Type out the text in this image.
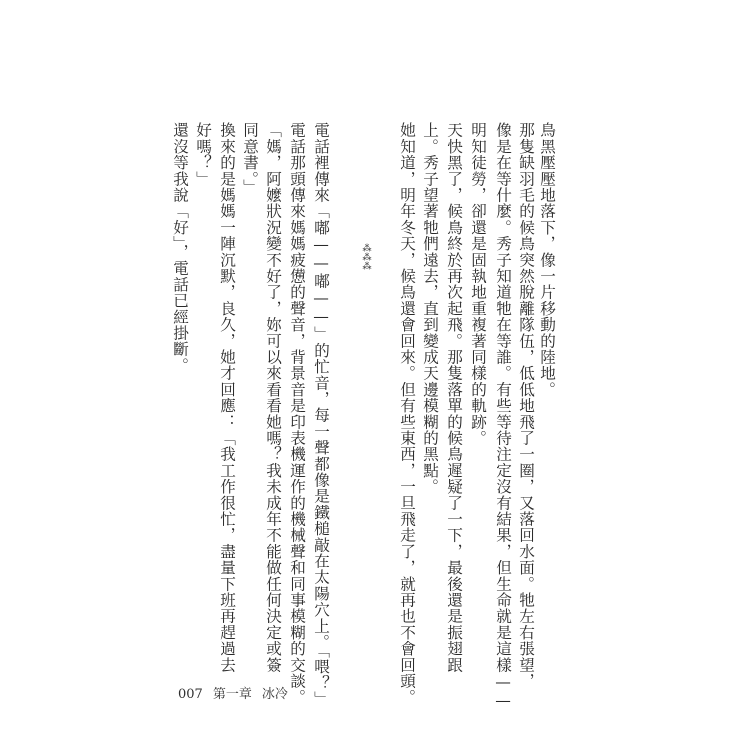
鳥黑壓壓地落下，像一片移動的陸地。

那隻缺羽毛的候鳥突然脫離隊伍，低低地飛了一圈，又落回水面。牠左右張望，

像是在等什麼。秀子知道牠在等誰。有些等待注定沒有結果，但生命就是這樣——

明知徒勞，卻還是固執地重複著同樣的軌跡。

天快黑了，候鳥終於再次起飛。那隻落單的候鳥遲疑了一下，最後還是振翅跟

上。秀子望著牠們遠去，直到變成天邊模糊的黑點。

她知道，明年冬天，候鳥還會回來。但有些東西，一旦飛走了，就再也不會回頭。

⁂⁂⁂

電話裡傳來「嘟——嘟——」的忙音，每一聲都像是鐵槌敲在太陽穴上。「喂？」

電話那頭傳來媽媽疲憊的聲音，背景音是印表機運作的機械聲和同事模糊的交談。

「媽，阿嬤狀況變不好了，妳可以來看看她嗎？我未成年不能做任何決定或簽

同意書。」

換來的是媽媽一陣沉默，良久，她才回應：「我工作很忙，盡量下班再趕過去

好嗎？」

還沒等我說「好」，電話已經掛斷。

007 第一章 冰冷
